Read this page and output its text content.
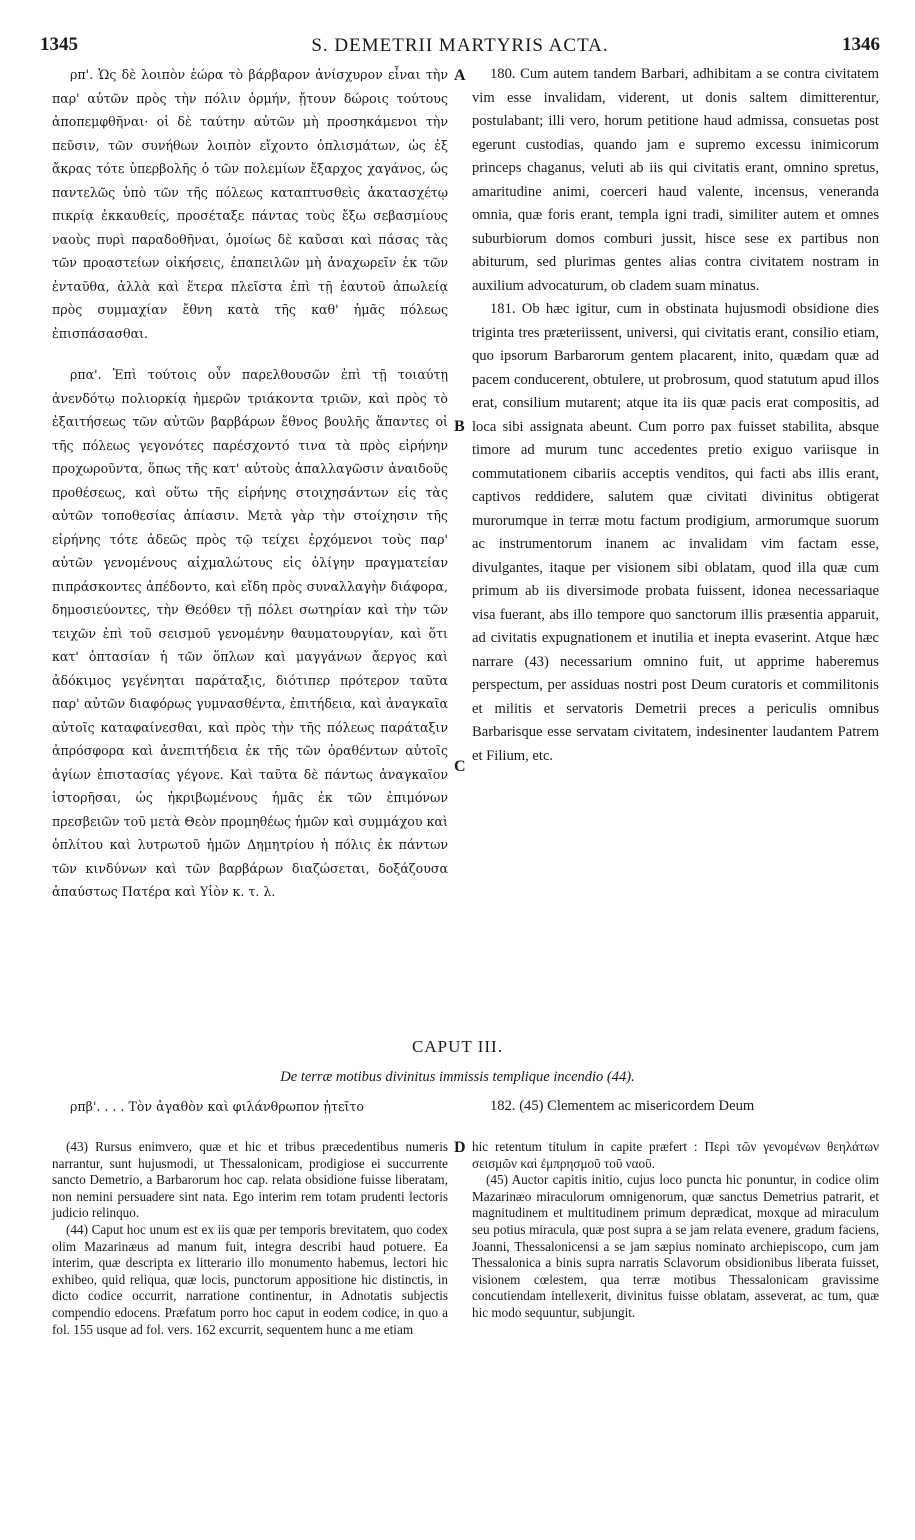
1345	S. DEMETRII MARTYRIS ACTA.	1346

ρπ'. Ὡς δὲ λοιπὸν ἑώρα τὸ βάρβαρον ἀνίσχυρον εἶναι τὴν παρ' αὐτῶν πρὸς τὴν πόλιν ὁρμήν, ᾔτουν δώροις τούτους ἀποπεμφθῆναι· οἱ δὲ ταύτην αὐτῶν μὴ προσηκάμενοι τὴν πεῦσιν, τῶν συνήθων λοιπὸν εἴχοντο ὀπλισμάτων, ὡς ἐξ ἄκρας τότε ὑπερβολῆς ὁ τῶν πολεμίων ἔξαρχος χαγάνος, ὡς παντελῶς ὑπὸ τῶν τῆς πόλεως καταπτυσθεὶς ἀκατασχέτῳ πικρίᾳ ἐκκαυθείς, προσέταξε πάντας τοὺς ἔξω σεβασμίους ναοὺς πυρὶ παραδοθῆναι, ὁμοίως δὲ καῦσαι καὶ πάσας τὰς τῶν προαστείων οἰκήσεις, ἐπαπειλῶν μὴ ἀναχωρεῖν ἐκ τῶν ἐνταῦθα, ἀλλὰ καὶ ἕτερα πλεῖστα ἐπὶ τῇ ἑαυτοῦ ἀπωλείᾳ πρὸς συμμαχίαν ἔθνη κατὰ τῆς καθ' ἡμᾶς πόλεως ἐπισπάσασθαι.

ρπα'. Ἐπὶ τούτοις οὖν παρελθουσῶν ἐπὶ τῇ τοιαύτῃ ἀνενδότῳ πολιορκίᾳ ἡμερῶν τριάκοντα τριῶν, καὶ πρὸς τὸ ἐξαιτήσεως τῶν αὐτῶν βαρβάρων ἔθνος βουλῆς ἅπαντες οἱ τῆς πόλεως γεγονότες παρέσχοντό τινα τὰ πρὸς εἰρήνην προχωροῦντα, ὅπως τῆς κατ' αὐτοὺς ἀπαλλαγῶσιν ἀναιδοῦς προθέσεως, καὶ οὕτω τῆς εἰρήνης στοιχησάντων εἰς τὰς αὐτῶν τοποθεσίας ἀπίασιν. Μετὰ γὰρ τὴν στοίχησιν τῆς εἰρήνης τότε ἀδεῶς πρὸς τῷ τείχει ἐρχόμενοι τοὺς παρ' αὐτῶν γενομένους αἰχμαλώτους εἰς ὀλίγην πραγματείαν πιπράσκοντες ἀπέδοντο, καὶ εἴδη πρὸς συναλλαγὴν διάφορα, δημοσιεύοντες, τὴν Θεόθεν τῇ πόλει σωτηρίαν καὶ τὴν τῶν τειχῶν ἐπὶ τοῦ σεισμοῦ γενομένην θαυματουργίαν, καὶ ὅτι κατ' ὀπτασίαν ἡ τῶν ὅπλων καὶ μαγγάνων ἄεργος καὶ ἀδόκιμος γεγένηται παράταξις, διότιπερ πρότερον ταῦτα παρ' αὐτῶν διαφόρως γυμνασθέντα, ἐπιτήδεια, καὶ ἀναγκαῖα αὐτοῖς καταφαίνεσθαι, καὶ πρὸς τὴν τῆς πόλεως παράταξιν ἀπρόσφορα καὶ ἀνεπιτήδεια ἐκ τῆς τῶν ὁραθέντων αὐτοῖς ἁγίων ἐπιστασίας γέγονε. Καὶ ταῦτα δὲ πάντως ἀναγκαῖον ἱστορῆσαι, ὡς ἠκριβωμένους ἡμᾶς ἐκ τῶν ἐπιμόνων πρεσβειῶν τοῦ μετὰ Θεὸν προμηθέως ἡμῶν καὶ συμμάχου καὶ ὁπλίτου καὶ λυτρωτοῦ ἡμῶν Δημητρίου ἡ πόλις ἐκ πάντων τῶν κινδύνων καὶ τῶν βαρβάρων διαζώσεται, δοξάζουσα ἀπαύστως Πατέρα καὶ Υἱὸν κ. τ. λ.

180. Cum autem tandem Barbari, adhibitam a se contra civitatem vim esse invalidam, viderent, ut donis saltem dimitterentur, postulabant; illi vero, horum petitione haud admissa, consuetas post egerunt custodias, quando jam e supremo excessu inimicorum princeps chaganus, veluti ab iis qui civitatis erant, omnino spretus, amaritudine animi, coerceri haud valente, incensus, veneranda omnia, quæ foris erant, templa igni tradi, similiter autem et omnes suburbiorum domos comburi jussit, hisce sese ex partibus non abiturum, sed plurimas gentes alias contra civitatem nostram in auxilium advocaturum, ob cladem suam minatus.

181. Ob hæc igitur, cum in obstinata hujusmodi obsidione dies triginta tres præteriissent, universi, qui civitatis erant, consilio etiam, quo ipsorum Barbarorum gentem placarent, inito, quædam quæ ad pacem conducerent, obtulere, ut probrosum, quod statutum apud illos erat, consilium mutarent; atque ita iis quæ pacis erat compositis, ad loca sibi assignata abeunt. Cum porro pax fuisset stabilita, absque timore ad murum tunc accedentes pretio exiguo variisque in commutationem cibariis acceptis venditos, qui facti abs illis erant, captivos reddidere, salutem quæ civitati divinitus obtigerat murorumque in terræ motu factum prodigium, armorumque suorum ac instrumentorum inanem ac invalidam vim factam esse, divulgantes, itaque per visionem sibi oblatam, quod illa quæ cum primum ab iis diversimode probata fuissent, idonea necessariaque visa fuerant, abs illo tempore quo sanctorum illis præsentia apparuit, ad civitatis expugnationem et inutilia et inepta evaserint. Atque hæc narrare (43) necessarium omnino fuit, ut apprime haberemus perspectum, per assiduas nostri post Deum curatoris et commilitonis et militis et servatoris Demetrii preces a periculis omnibus Barbarisque esse servatam civitatem, indesinenter laudantem Patrem et Filium, etc.

A
B
C
D
CAPUT III.
De terræ motibus divinitus immissis templique incendio (44).

ρπβ'. . . . Τὸν ἀγαθὸν καὶ φιλάνθρωπον ᾐτεῖτο	182. (45) Clementem ac misericordem Deum

(43) Rursus enimvero, quæ et hic et tribus præcedentibus numeris narrantur, sunt hujusmodi, ut Thessalonicam, prodigiose ei succurrente sancto Demetrio, a Barbarorum hoc cap. relata obsidione fuisse liberatam, non nemini persuadere sint nata. Ego interim rem totam prudenti lectoris judicio relinquo.

(44) Caput hoc unum est ex iis quæ per temporis brevitatem, quo codex olim Mazarinæus ad manum fuit, integra describi haud potuere. Ea interim, quæ descripta ex litterario illo monumento habemus, lectori hic exhibeo, quid reliqua, quæ locis, punctorum appositione hic distinctis, in dicto codice occurrit, narratione continentur, in Adnotatis subjectis compendio edocens. Præfatum porro hoc caput in eodem codice, in quo a fol. 155 usque ad fol. vers. 162 excurrit, sequentem hunc a me etiam

hic retentum titulum in capite præfert : Περὶ τῶν γενομένων θεηλάτων σεισμῶν καὶ ἐμπρησμοῦ τοῦ ναοῦ.

(45) Auctor capitis initio, cujus loco puncta hic ponuntur, in codice olim Mazarinæo miraculorum omnigenorum, quæ sanctus Demetrius patrarit, et magnitudinem et multitudinem primum deprædicat, moxque ad miraculum seu potius miracula, quæ post supra a se jam relata evenere, gradum faciens, Joanni, Thessalonicensi a se jam sæpius nominato archiepiscopo, cum jam Thessalonica a binis supra narratis Sclavorum obsidionibus liberata fuisset, visionem cœlestem, qua terræ motibus Thessalonicam gravissime concutiendam intellexerit, divinitus fuisse oblatam, asseverat, ac tum, quæ hic modo sequuntur, subjungit.
